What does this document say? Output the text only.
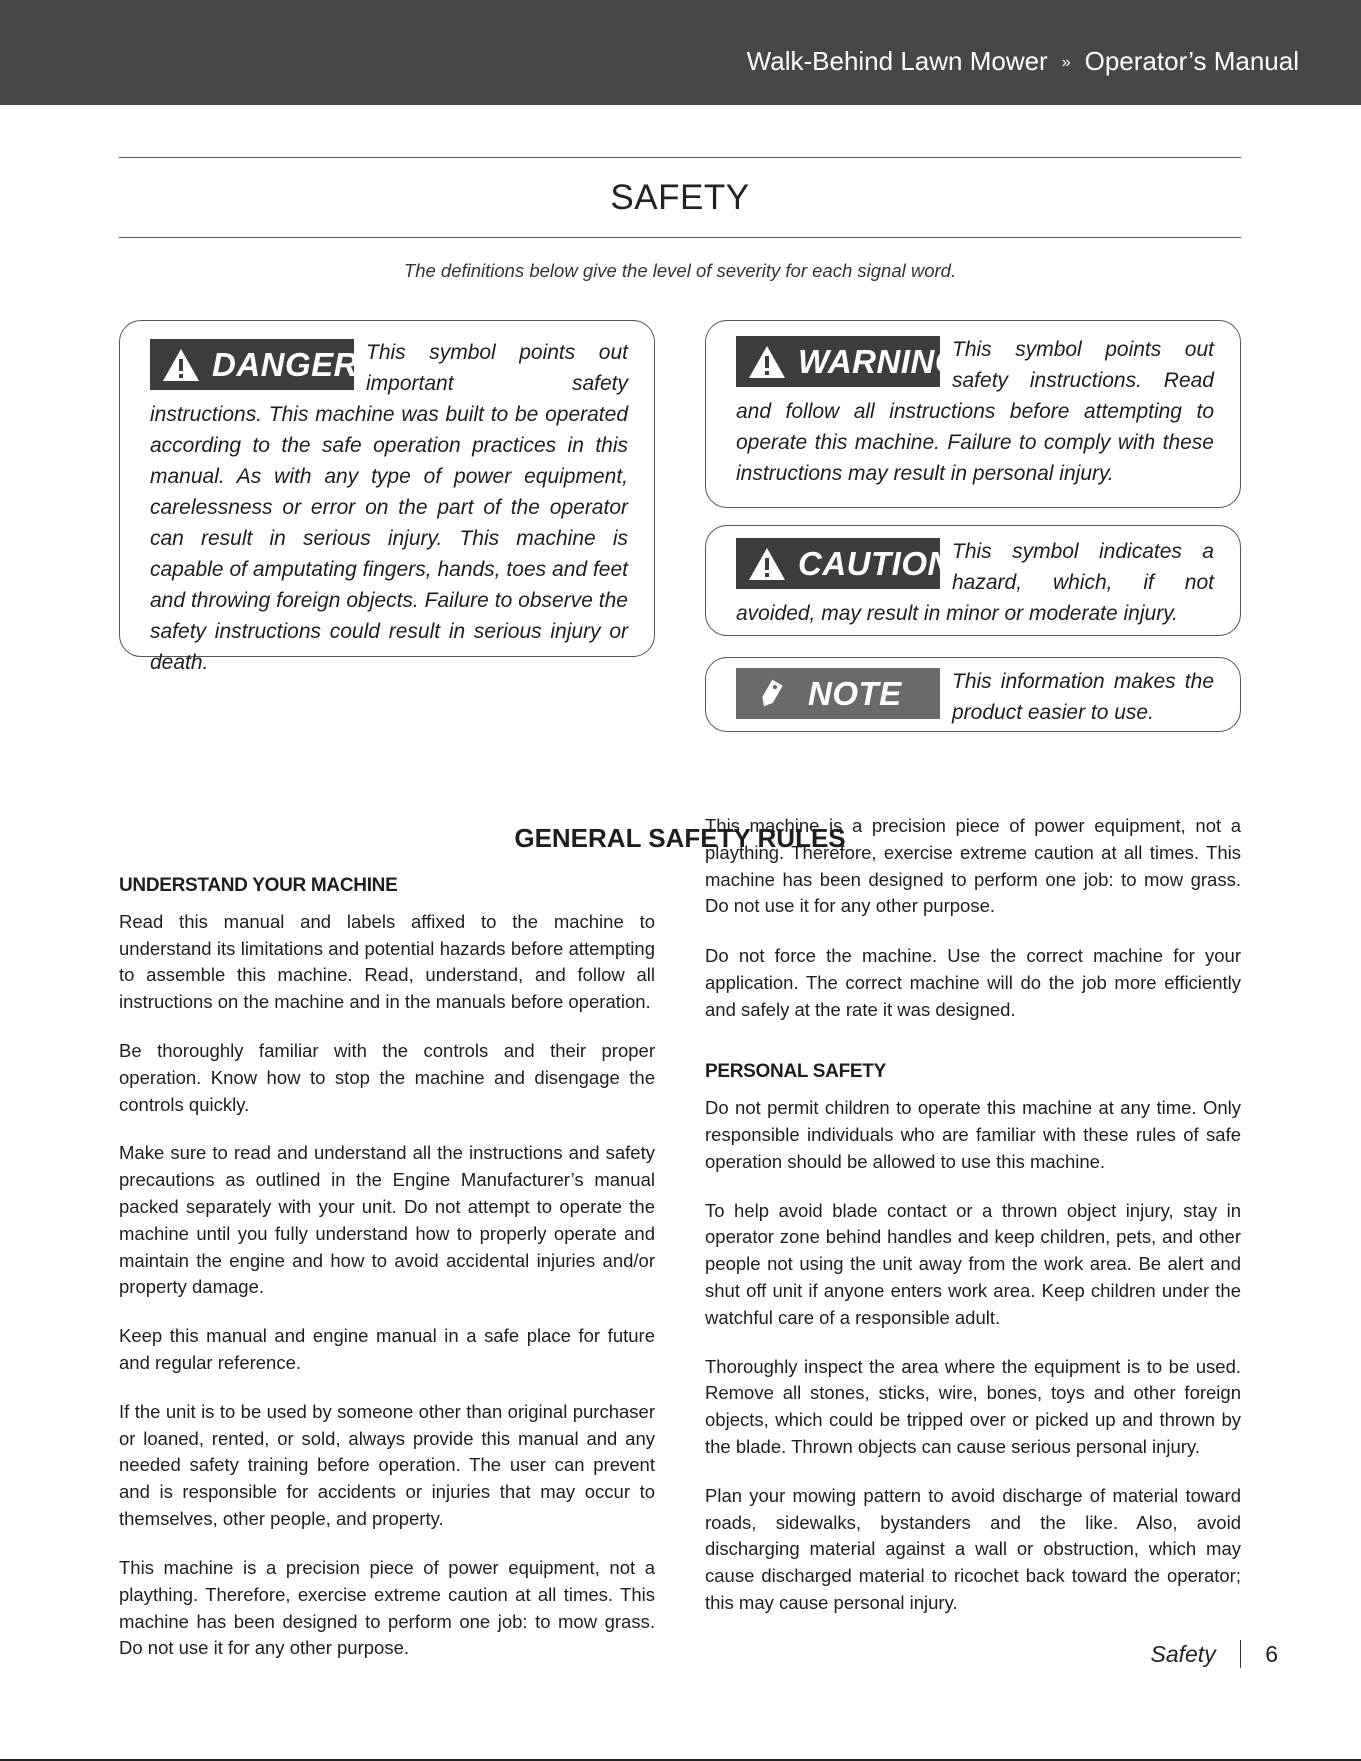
Walk-Behind Lawn Mower » Operator’s Manual
SAFETY
The definitions below give the level of severity for each signal word.
DANGER This symbol points out important safety instructions. This machine was built to be operated according to the safe operation practices in this manual. As with any type of power equipment, carelessness or error on the part of the operator can result in serious injury. This machine is capable of amputating fingers, hands, toes and feet and throwing foreign objects. Failure to observe the safety instructions could result in serious injury or death.
WARNING
This symbol points out safety instructions. Read and follow all instructions before attempting to operate this machine. Failure to comply with these instructions may result in personal injury.
CAUTION This symbol indicates a hazard, which, if not avoided, may result in minor or moderate injury.
NOTE This information makes the product easier to use.
GENERAL SAFETY RULES
UNDERSTAND YOUR MACHINE

Read this manual and labels affixed to the machine to understand its limitations and potential hazards before attempting to assemble this machine. Read, understand, and follow all instructions on the machine and in the manuals before operation.

Be thoroughly familiar with the controls and their proper operation. Know how to stop the machine and disengage the controls quickly.

Make sure to read and understand all the instructions and safety precautions as outlined in the Engine Manufacturer’s manual packed separately with your unit. Do not attempt to operate the machine until you fully understand how to properly operate and maintain the engine and how to avoid accidental injuries and/or property damage.

Keep this manual and engine manual in a safe place for future and regular reference.

If the unit is to be used by someone other than original purchaser or loaned, rented, or sold, always provide this manual and any needed safety training before operation. The user can prevent and is responsible for accidents or injuries that may occur to themselves, other people, and property.

This machine is a precision piece of power equipment, not a plaything. Therefore, exercise extreme caution at all times. This machine has been designed to perform one job: to mow grass. Do not use it for any other purpose.

This machine is a precision piece of power equipment, not a plaything. Therefore, exercise extreme caution at all times. This machine has been designed to perform one job: to mow grass. Do not use it for any other purpose.

Do not force the machine. Use the correct machine for your application. The correct machine will do the job more efficiently and safely at the rate it was designed.

PERSONAL SAFETY

Do not permit children to operate this machine at any time. Only responsible individuals who are familiar with these rules of safe operation should be allowed to use this machine.

To help avoid blade contact or a thrown object injury, stay in operator zone behind handles and keep children, pets, and other people not using the unit away from the work area. Be alert and shut off unit if anyone enters work area. Keep children under the watchful care of a responsible adult.

Thoroughly inspect the area where the equipment is to be used. Remove all stones, sticks, wire, bones, toys and other foreign objects, which could be tripped over or picked up and thrown by the blade. Thrown objects can cause serious personal injury.

Plan your mowing pattern to avoid discharge of material toward roads, sidewalks, bystanders and the like. Also, avoid discharging material against a wall or obstruction, which may cause discharged material to ricochet back toward the operator; this may cause personal injury.

Safety 6
